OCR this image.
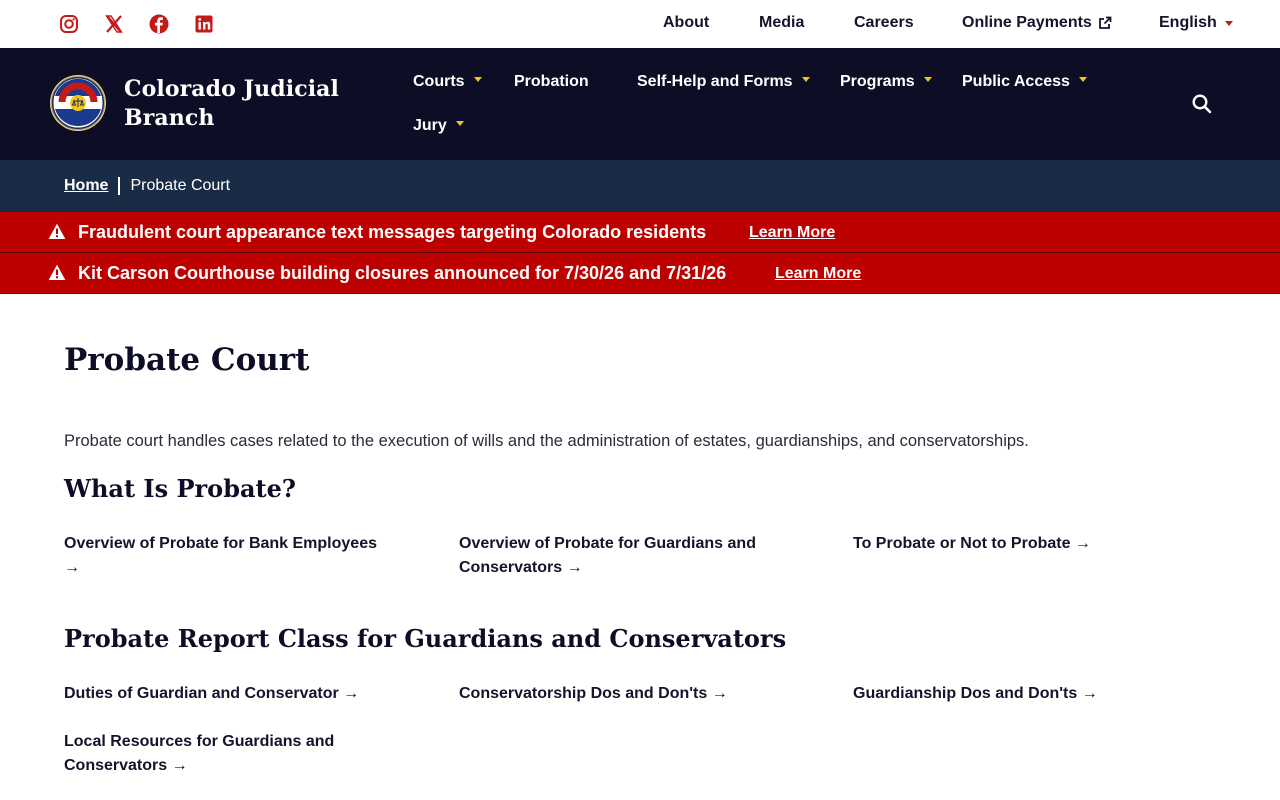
About	Media	Careers	Online Payments	English
Colorado Judicial
Branch
Courts	Probation	Self-Help and Forms	Programs	Public Access
Jury
Home Probate Court
Fraudulent court appearance text messages targeting Colorado residents	Learn More
Kit Carson Courthouse building closures announced for 7/30/26 and 7/31/26	Learn More
Probate Court

Probate court handles cases related to the execution of wills and the administration of estates, guardianships, and conservatorships.

What Is Probate?
Overview of Probate for Bank Employees →
Overview of Probate for Guardians and Conservators →
To Probate or Not to Probate →
Probate Report Class for Guardians and Conservators
Duties of Guardian and Conservator →	Conservatorship Dos and Don'ts →	Guardianship Dos and Don'ts →
Local Resources for Guardians and Conservators →
